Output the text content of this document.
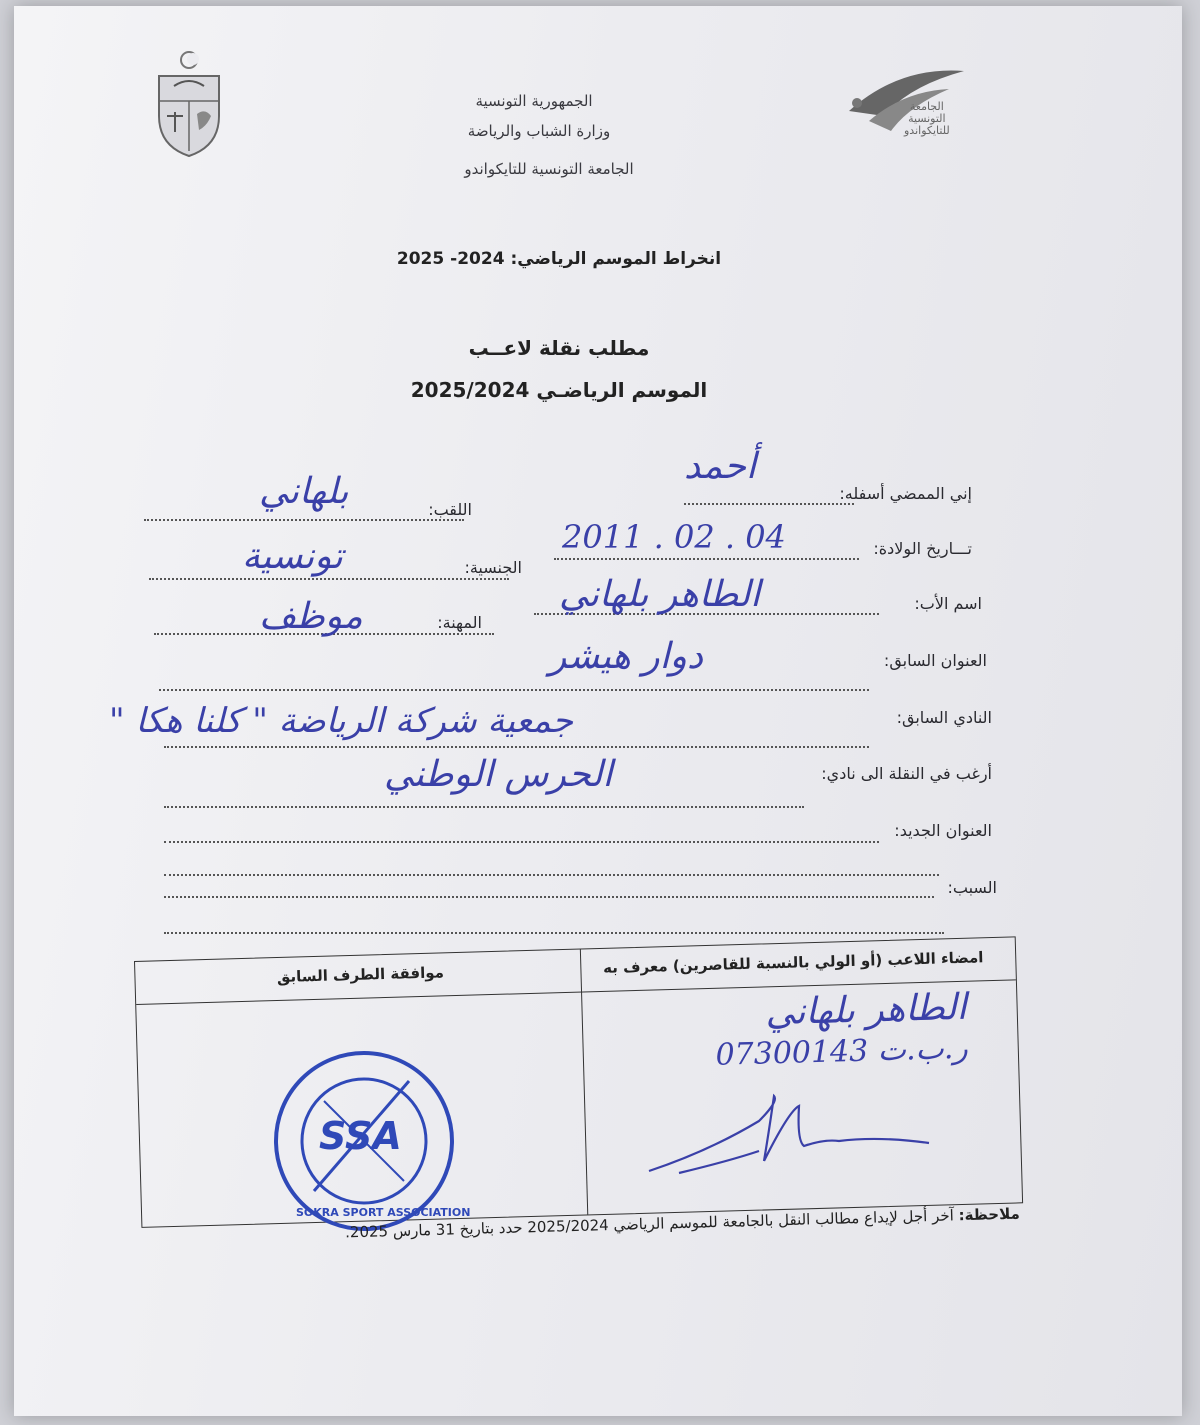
الجامعة
التونسية
للتايكواندو
الجمهورية التونسية
وزارة الشباب والرياضة
الجامعة التونسية للتايكواندو
انخراط الموسم الرياضي: 2024- 2025
مطلب نقلة لاعــب
الموسم الرياضـي 2025/2024
إني الممضي أسفله:
أحمد
اللقب:
بلهاني
تـــاريخ الولادة:
2011 . 02 . 04
الجنسية:
تونسية
اسم الأب:
الطاهر بلهاني
المهنة:
موظف
العنوان السابق:
دوار هيشر
النادي السابق:
جمعية شركة الرياضة " كلنا هكا "
أرغب في النقلة الى نادي:
الحرس الوطني
العنوان الجديد:
السبب:
امضاء اللاعب (أو الولي بالنسبة للقاصرين) معرف به
موافقة الطرف السابق
الطاهر بلهاني
ر.ب.ت 07300143
SSA
SOKRA SPORT ASSOCIATION	ملاحظة: آخر أجل لإيداع مطالب النقل بالجامعة للموسم الرياضي 2025/2024 حدد بتاريخ 31 مارس 2025.
